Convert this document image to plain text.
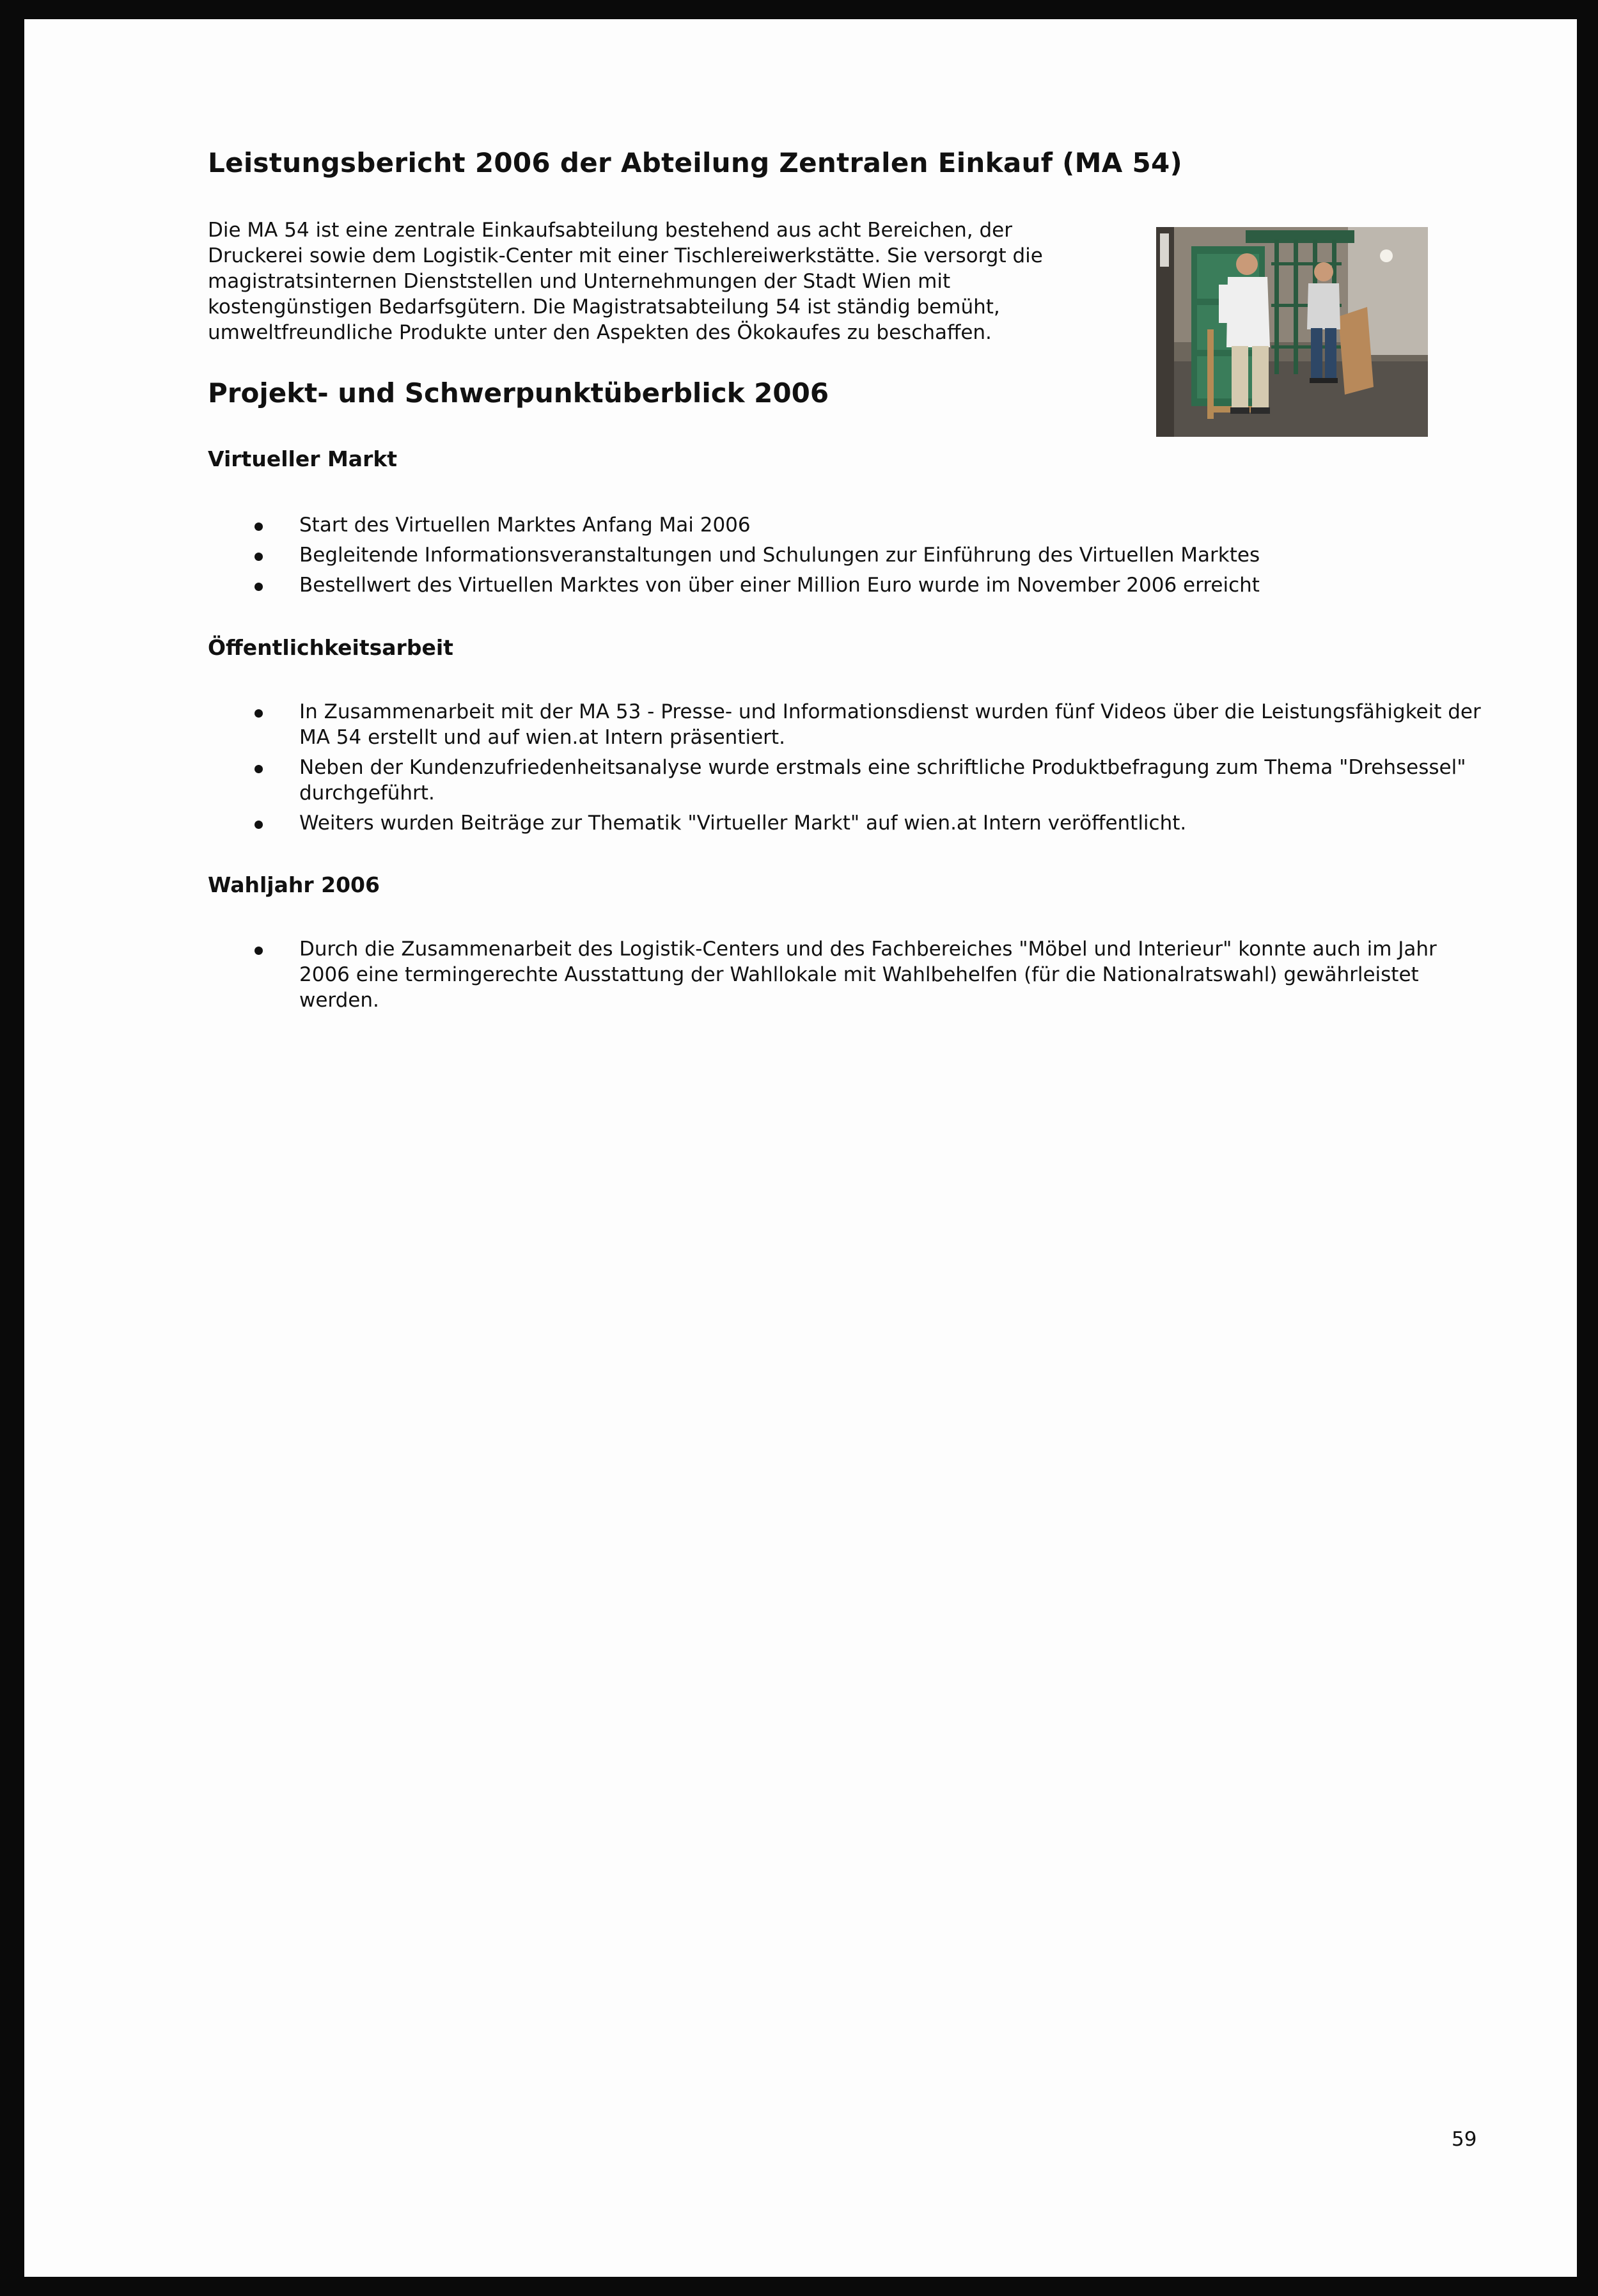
Leistungsbericht 2006 der Abteilung Zentralen Einkauf (MA 54)

Die MA 54 ist eine zentrale Einkaufsabteilung bestehend aus acht Bereichen, der Druckerei sowie dem Logistik-Center mit einer Tischlereiwerkstätte. Sie versorgt die magistratsinternen Dienststellen und Unternehmungen der Stadt Wien mit kostengünstigen Bedarfsgütern. Die Magistratsabteilung 54 ist ständig bemüht, umweltfreundliche Produkte unter den Aspekten des Ökokaufes zu beschaffen.

Projekt- und Schwerpunktüberblick 2006
Virtueller Markt
Start des Virtuellen Marktes Anfang Mai 2006
Begleitende Informationsveranstaltungen und Schulungen zur Einführung des Virtuellen Marktes
Bestellwert des Virtuellen Marktes von über einer Million Euro wurde im November 2006 erreicht
Öffentlichkeitsarbeit
In Zusammenarbeit mit der MA 53 - Presse- und Informationsdienst wurden fünf Videos über die Leistungsfähigkeit der MA 54 erstellt und auf wien.at Intern präsentiert.
Neben der Kundenzufriedenheitsanalyse wurde erstmals eine schriftliche Produktbefragung zum Thema "Drehsessel" durchgeführt.
Weiters wurden Beiträge zur Thematik "Virtueller Markt" auf wien.at Intern veröffentlicht.
Wahljahr 2006
Durch die Zusammenarbeit des Logistik-Centers und des Fachbereiches "Möbel und Interieur" konnte auch im Jahr 2006 eine termingerechte Ausstattung der Wahllokale mit Wahlbehelfen (für die Nationalratswahl) gewährleistet werden.
59
